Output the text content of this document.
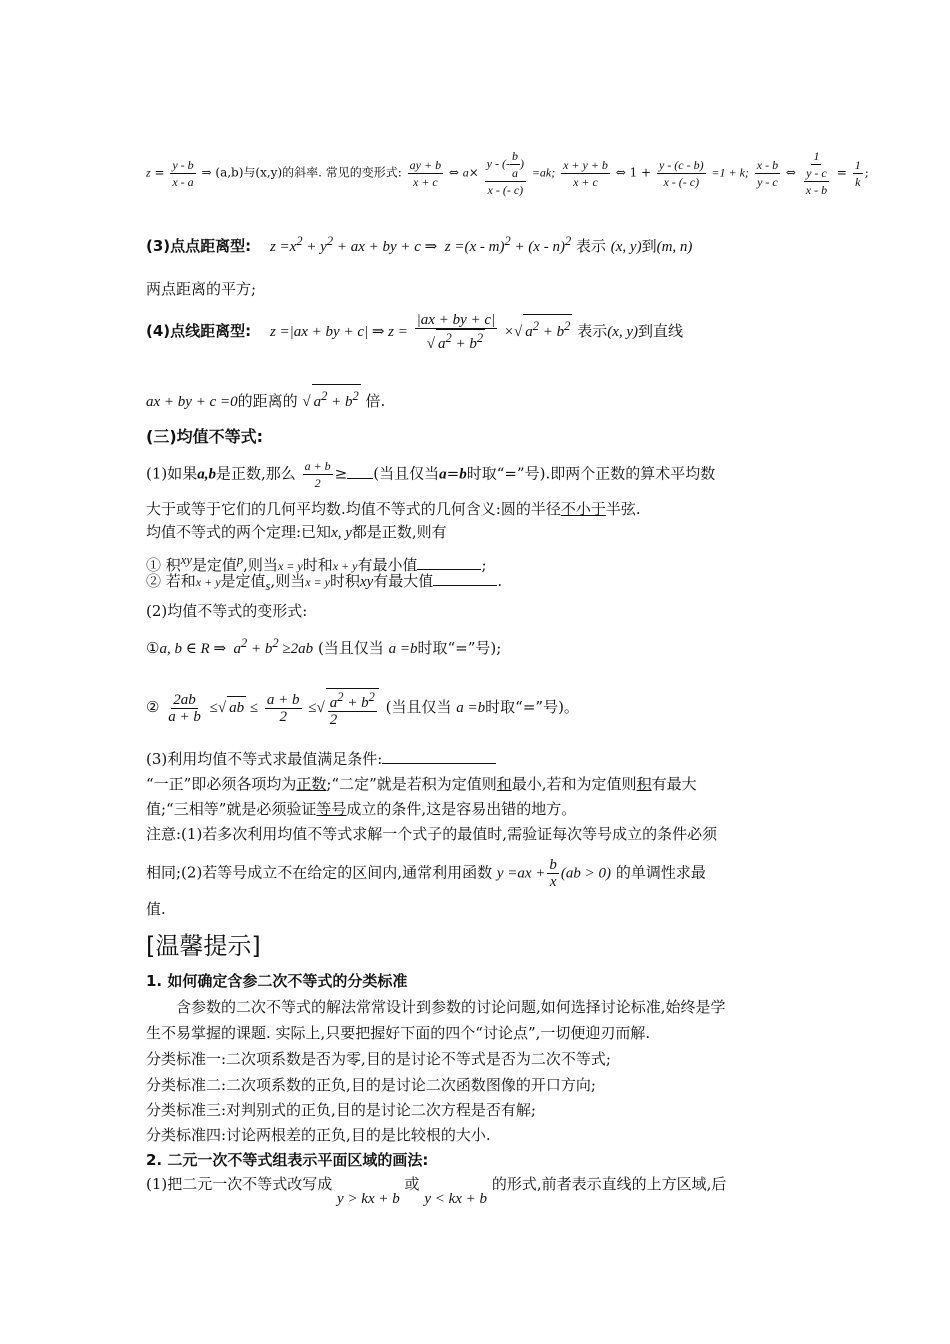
$z = \frac{y - b}{x - a}$ ⇒ (a,b)与(x,y)的斜率. 常见的变形式: $\frac{ay + b}{x + c}$ ⇔ $a\times \frac{y - (- \frac{b}{a} )}{x - (- c)} =ak$; $\frac{x + y + b}{x + c}$ ⇔ $1 + \frac{y - (c - b)}{x - (- c)} =1 + k$; $\frac{x - b}{y - c}$ ⇔ $\frac{1}{\frac{y - c}{x - b}} = \frac{1}{k}$ ;
(3)点点距离型: $z =x^2 + y^2$ + ax + by + c ⇒  z =(x - m)$^2$ + (x - n)$^2$ 表示 (x, y)到(m, n)
两点距离的平方;
(4)点线距离型: z =|ax + by + c| ⇒ $z = \frac{|ax + by + c|}{√ a^2 + b^2}$ ×√ $a^2 + b^2$ 表示(x, y)到直线
ax + by + c =0的距离的 √ $a^2 + b^2$ 倍.
(三)均值不等式:
(1)如果a,b是正数,那么 $\frac{a + b}{2}$ ≥ (当且仅当a=b时取“=”号).即两个正数的算术平均数
大于或等于它们的几何平均数.均值不等式的几何含义:圆的半径不小于半弦.
均值不等式的两个定理:已知x, y都是正数,则有
① 积$^{xy}$是定值$^p$,则当x = y时和x + y有最小值	;
② 若和x + y是定值$_s$,则当x = y时积xy有最大值	.
(2)均值不等式的变形式:
①a, b ∈ R ⇒  $a^2 + b^2 \ge 2ab$ (当且仅当 a =b时取“=”号);
② $\frac{2ab}{a + b}$ ≤√ ab ≤ $\frac{a + b}{2}$ ≤√ $\frac{a^2 + b^2}{2}$ (当且仅当 a =b时取“=”号)。
(3)利用均值不等式求最值满足条件:
“一正”即必须各项均为正数;“二定”就是若积为定值则和最小,若和为定值则积有最大
值;“三相等”就是必须验证等号成立的条件,这是容易出错的地方。
注意:(1)若多次利用均值不等式求解一个式子的最值时,需验证每次等号成立的条件必须
相同;(2)若等号成立不在给定的区间内,通常利用函数 $y =ax + \frac{b}{x} (ab > 0)$ 的单调性求最
值.
[温馨提示]
1. 如何确定含参二次不等式的分类标准
含参数的二次不等式的解法常常设计到参数的讨论问题,如何选择讨论标准,始终是学
生不易掌握的课题. 实际上,只要把握好下面的四个“讨论点”,一切便迎刃而解.
分类标准一:二次项系数是否为零,目的是讨论不等式是否为二次不等式;
分类标准二:二次项系数的正负,目的是讨论二次函数图像的开口方向;
分类标准三:对判别式的正负,目的是讨论二次方程是否有解;
分类标准四:讨论两根差的正负,目的是比较根的大小.
2. 二元一次不等式组表示平面区域的画法:
(1)把二元一次不等式改写成 y > kx + b 或 y < kx + b 的形式,前者表示直线的上方区域,后
